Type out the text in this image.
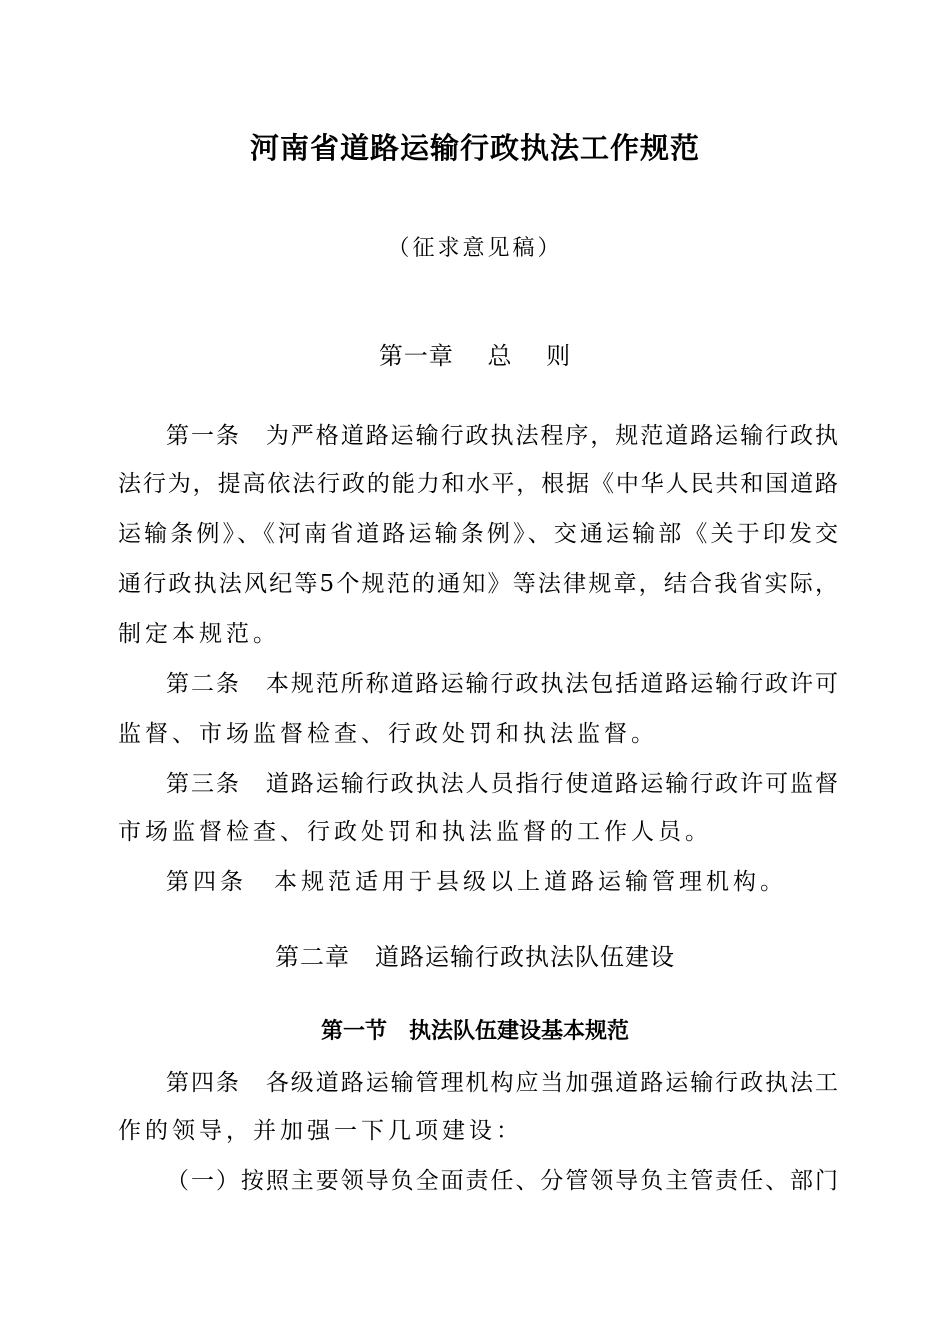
河南省道路运输行政执法工作规范
（征求意见稿）
第一章　 总　 则
第一条　为严格道路运输行政执法程序，规范道路运输行政执
法行为，提高依法行政的能力和水平，根据《中华人民共和国道路
运输条例》、《河南省道路运输条例》、交通运输部《关于印发交
通行政执法风纪等5个规范的通知》等法律规章，结合我省实际，
制定本规范。
第二条　本规范所称道路运输行政执法包括道路运输行政许可
监督、市场监督检查、行政处罚和执法监督。
第三条　道路运输行政执法人员指行使道路运输行政许可监督
市场监督检查、行政处罚和执法监督的工作人员。
第四条　本规范适用于县级以上道路运输管理机构。
第二章　道路运输行政执法队伍建设
第一节　执法队伍建设基本规范
第四条　各级道路运输管理机构应当加强道路运输行政执法工
作的领导，并加强一下几项建设：
（一）按照主要领导负全面责任、分管领导负主管责任、部门
